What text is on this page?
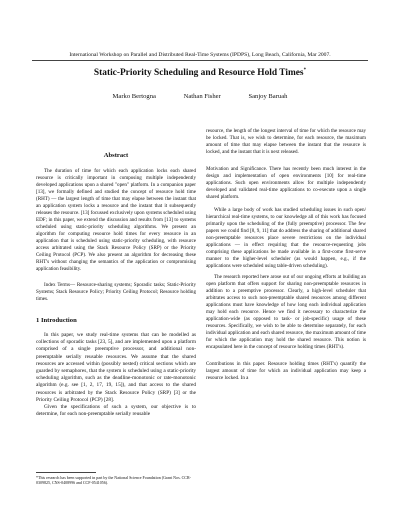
International Workshop on Parallel and Distributed Real-Time Systems (IPDPS), Long Beach, California, Mar 2007.
Static-Priority Scheduling and Resource Hold Times*
Marko Bertogna	Nathan Fisher	Sanjoy Baruah
Abstract

The duration of time for which each application locks each shared resource is critically important in composing multiple independently developed applications upon a shared "open" platform. In a companion paper [13], we formally defined and studied the concept of resource hold time (RHT) — the largest length of time that may elapse between the instant that an application system locks a resource and the instant that it subsequently releases the resource. [13] focussed exclusively upon systems scheduled using EDF; in this paper, we extend the discussion and results from [13] to systems scheduled using static-priority scheduling algorithms. We present an algorithm for computing resource hold times for every resource in an application that is scheduled using static-priority scheduling, with resource access arbitrated using the Stack Resource Policy (SRP) or the Priority Ceiling Protocol (PCP). We also present an algorithm for decreasing these RHT's without changing the semantics of the application or compromising application feasibility.

Index Terms— Resource-sharing systems; Sporadic tasks; Static-Priority Systems; Stack Resource Policy; Priority Ceiling Protocol; Resource holding times.

1 Introduction

In this paper, we study real-time systems that can be modelled as collections of sporadic tasks [23, 5], and are implemented upon a platform comprised of a single preemptive processor, and additional non-preemptable serially reusable resources. We assume that the shared resources are accessed within (possibly nested) critical sections which are guarded by semaphores, that the system is scheduled using a static-priority scheduling algorithm, such as the deadline-monotonic or rate-monotonic algorithm (e.g. see [1, 2, 17, 19, 15]), and that access to the shared resources is arbitrated by the Stack Resource Policy (SRP) [3] or the Priority Ceiling Protocol (PCP) [28].

Given the specifications of such a system, our objective is to determine, for each non-preemptable serially reusable

*This research has been supported in part by the National Science Foundation (Grant Nos. CCR-0309825, CNS-0408996 and CCF-0541056).

resource, the length of the longest interval of time for which the resource may be locked. That is, we wish to determine, for each resource, the maximum amount of time that may elapse between the instant that the resource is locked, and the instant that it is next released.

Motivation and Significance. There has recently been much interest in the design and implementation of open environments [10] for real-time applications. Such open environments allow for multiple independently developed and validated real-time applications to co-execute upon a single shared platform.

While a large body of work has studied scheduling issues in such open/ hierarchical real-time systems, to our knowledge all of this work has focused primarily upon the scheduling of the (fully preemptive) processor. The few papers we could find [8, 9, 11] that do address the sharing of additional shared non-preemptable resources place severe restrictions on the individual applications — in effect requiring that the resource-requesting jobs comprising these applications be made available in a first-come first-serve manner to the higher-level scheduler (as would happen, e.g., if the applications were scheduled using table-driven scheduling).

The research reported here arose out of our ongoing efforts at building an open platform that offers support for sharing non-preemptable resources in addition to a preemptive processor. Clearly, a high-level scheduler that arbitrates access to such non-preemptable shared resources among different applications must have knowledge of how long each individual application may hold each resource. Hence we find it necessary to characterize the application-wide (as opposed to task- or job-specific) usage of these resources. Specifically, we wish to be able to determine separately, for each individual application and each shared resource, the maximum amount of time for which the application may hold the shared resource. This notion is encapsulated here in the concept of resource holding times (RHT's).

Contributions in this paper. Resource holding times (RHT's) quantify the largest amount of time for which an individual application may keep a resource locked. In a
